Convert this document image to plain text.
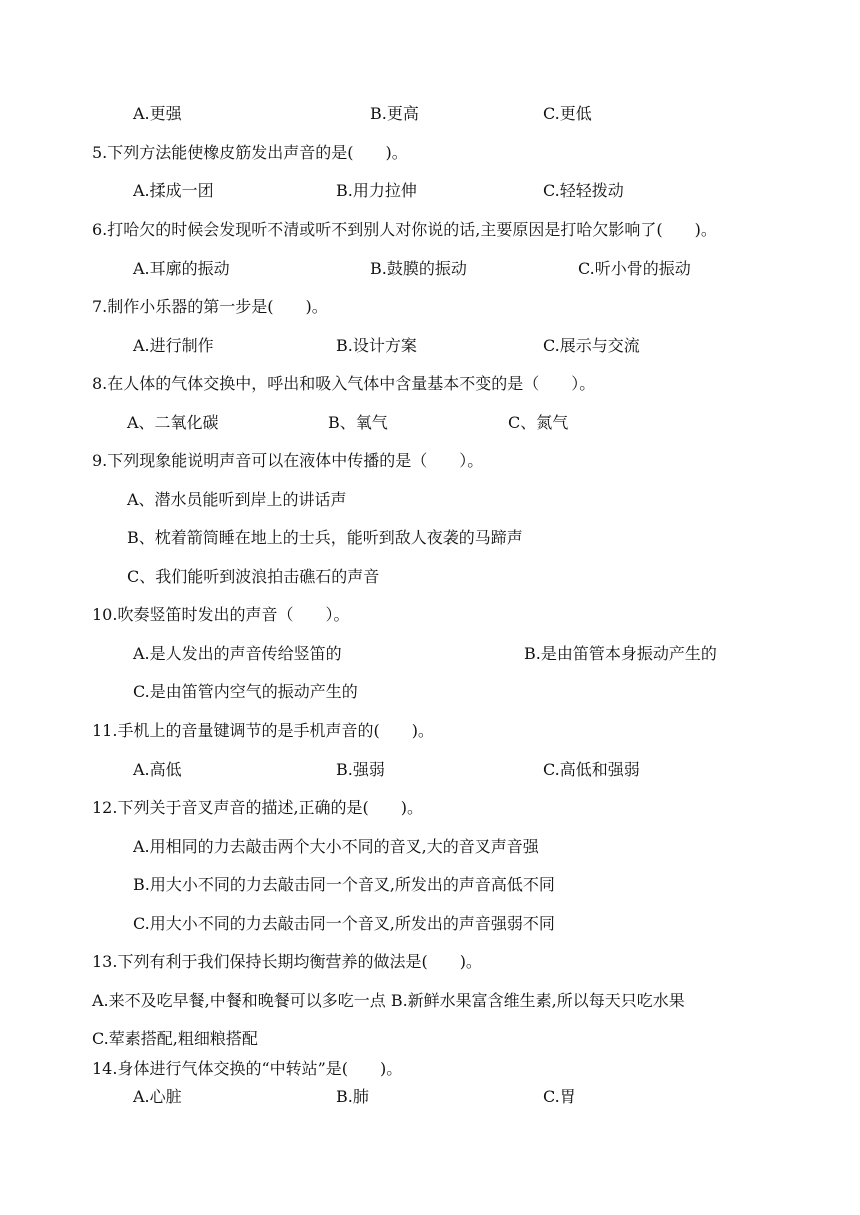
A.更强	B.更高	C.更低
5.下列方法能使橡皮筋发出声音的是(　　)。
A.揉成一团	B.用力拉伸	C.轻轻拨动
6.打哈欠的时候会发现听不清或听不到别人对你说的话,主要原因是打哈欠影响了(　　)。
A.耳廓的振动	B.鼓膜的振动	C.听小骨的振动
7.制作小乐器的第一步是(　　)。
A.进行制作	B.设计方案	C.展示与交流
8.在人体的气体交换中，呼出和吸入气体中含量基本不变的是（　　）。
A、二氧化碳	B、氧气	C、氮气
9.下列现象能说明声音可以在液体中传播的是（　　）。
A、潜水员能听到岸上的讲话声
B、枕着箭筒睡在地上的士兵，能听到敌人夜袭的马蹄声
C、我们能听到波浪拍击礁石的声音
10.吹奏竖笛时发出的声音（　　）。
A.是人发出的声音传给竖笛的	B.是由笛管本身振动产生的
C.是由笛管内空气的振动产生的
11.手机上的音量键调节的是手机声音的(　　)。
A.高低	B.强弱	C.高低和强弱
12.下列关于音叉声音的描述,正确的是(　　)。
A.用相同的力去敲击两个大小不同的音叉,大的音叉声音强
B.用大小不同的力去敲击同一个音叉,所发出的声音高低不同
C.用大小不同的力去敲击同一个音叉,所发出的声音强弱不同
13.下列有利于我们保持长期均衡营养的做法是(　　)。
A.来不及吃早餐,中餐和晚餐可以多吃一点 B.新鲜水果富含维生素,所以每天只吃水果
C.荤素搭配,粗细粮搭配
14.身体进行气体交换的“中转站”是(　　)。
A.心脏	B.肺	C.胃
